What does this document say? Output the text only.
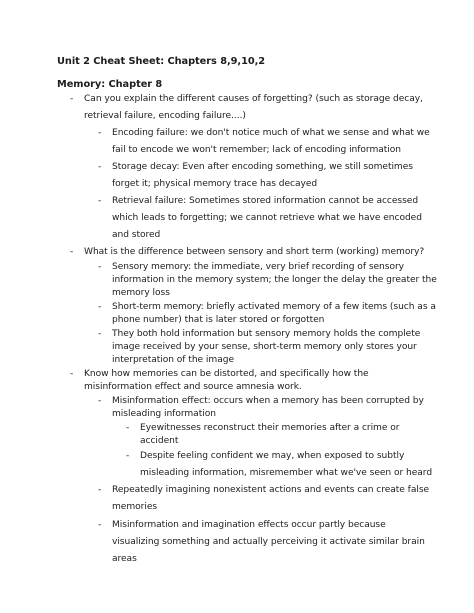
Unit 2 Cheat Sheet: Chapters 8,9,10,2
Memory: Chapter 8
- Can you explain the different causes of forgetting? (such as storage decay,
retrieval failure, encoding failure....)
- Encoding failure: we don't notice much of what we sense and what we
fail to encode we won't remember; lack of encoding information
- Storage decay: Even after encoding something, we still sometimes
forget it; physical memory trace has decayed
- Retrieval failure: Sometimes stored information cannot be accessed
which leads to forgetting; we cannot retrieve what we have encoded
and stored
- What is the difference between sensory and short term (working) memory?
- Sensory memory: the immediate, very brief recording of sensory
information in the memory system; the longer the delay the greater the
memory loss
- Short-term memory: briefly activated memory of a few items (such as a
phone number) that is later stored or forgotten
- They both hold information but sensory memory holds the complete
image received by your sense, short-term memory only stores your
interpretation of the image
- Know how memories can be distorted, and specifically how the
misinformation effect and source amnesia work.
- Misinformation effect: occurs when a memory has been corrupted by
misleading information
- Eyewitnesses reconstruct their memories after a crime or
accident
- Despite feeling confident we may, when exposed to subtly
misleading information, misremember what we've seen or heard
- Repeatedly imagining nonexistent actions and events can create false
memories
- Misinformation and imagination effects occur partly because
visualizing something and actually perceiving it activate similar brain
areas
